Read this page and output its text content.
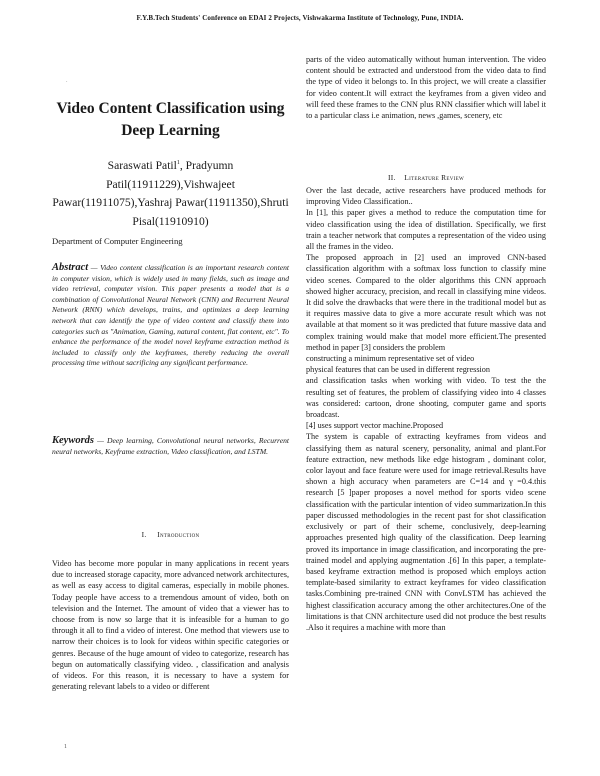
F.Y.B.Tech Students' Conference on EDAI 2 Projects, Vishwakarma Institute of Technology, Pune, INDIA.
.
Video Content Classification using Deep Learning
Saraswati Patil$^1$, Pradyumn Patil(11911229),Vishwajeet Pawar(11911075),Yashraj Pawar(11911350),Shruti Pisal(11910910)
Department of Computer Engineering
Abstract — Video content classification is an important research content in computer vision, which is widely used in many fields, such as image and video retrieval, computer vision. This paper presents a model that is a combination of Convolutional Neural Network (CNN) and Recurrent Neural Network (RNN) which develops, trains, and optimizes a deep learning network that can identify the type of video content and classify them into categories such as "Animation, Gaming, natural content, flat content, etc". To enhance the performance of the model novel keyframe extraction method is included to classify only the keyframes, thereby reducing the overall processing time without sacrificing any significant performance.
Keywords — Deep learning, Convolutional neural networks, Recurrent neural networks, Keyframe extraction, Video classification, and LSTM.
I. Introduction

Video has become more popular in many applications in recent years due to increased storage capacity, more advanced network architectures, as well as easy access to digital cameras, especially in mobile phones. Today people have access to a tremendous amount of video, both on television and the Internet. The amount of video that a viewer has to choose from is now so large that it is infeasible for a human to go through it all to find a video of interest. One method that viewers use to narrow their choices is to look for videos within specific categories or genres. Because of the huge amount of video to categorize, research has begun on automatically classifying video. , classification and analysis of videos. For this reason, it is necessary to have a system for generating relevant labels to a video or different

parts of the video automatically without human intervention. The video content should be extracted and understood from the video data to find the type of video it belongs to. In this project, we will create a classifier for video content.It will extract the keyframes from a given video and will feed these frames to the CNN plus RNN classifier which will label it to a particular class i.e animation, news ,games, scenery, etc

II. Literature Review

Over the last decade, active researchers have produced methods for improving Video Classification..

In [1], this paper gives a method to reduce the computation time for video classification using the idea of distillation. Specifically, we first train a teacher network that computes a representation of the video using all the frames in the video.

The proposed approach in [2] used an improved CNN-based classification algorithm with a softmax loss function to classify mine video scenes. Compared to the older algorithms this CNN approach showed higher accuracy, precision, and recall in classifying mine videos. It did solve the drawbacks that were there in the traditional model but as it requires massive data to give a more accurate result which was not available at that moment so it was predicted that future massive data and complex training would make that model more efficient.The presented method in paper [3] considers the problem

constructing a minimum representative set of video

physical features that can be used in different regression

and classification tasks when working with video. To test the the resulting set of features, the problem of classifying video into 4 classes was considered: cartoon, drone shooting, computer game and sports broadcast.

[4] uses support vector machine.Proposed

The system is capable of extracting keyframes from videos and classifying them as natural scenery, personality, animal and plant.For feature extraction, new methods like edge histogram , dominant color, color layout and face feature were used for image retrieval.Results have shown a high accuracy when parameters are C=14 and γ =0.4.this research [5 ]paper proposes a novel method for sports video scene classification with the particular intention of video summarization.In this paper discussed methodologies in the recent past for shot classification exclusively or part of their scheme, conclusively, deep-learning approaches presented high quality of the classification. Deep learning proved its importance in image classification, and incorporating the pre-trained model and applying augmentation .[6] In this paper, a template-based keyframe extraction method is proposed which employs action template-based similarity to extract keyframes for video classification tasks.Combining pre-trained CNN with ConvLSTM has achieved the highest classification accuracy among the other architectures.One of the limitations is that CNN architecture used did not produce the best results .Also it requires a machine with more than

1
